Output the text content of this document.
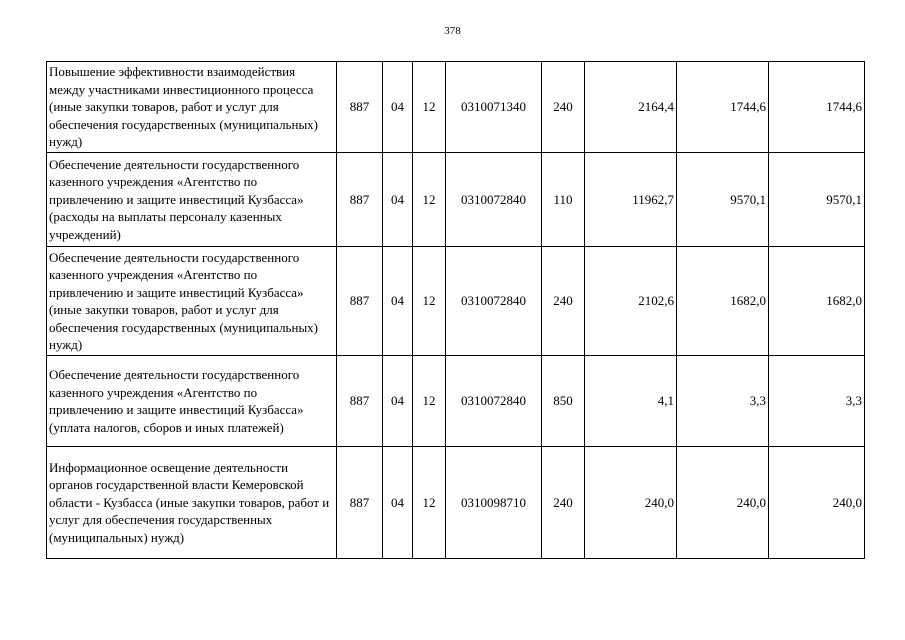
378
Повышение эффективности взаимодействия между участниками инвестиционного процесса (иные закупки товаров, работ и услуг для обеспечения государственных (муниципальных) нужд)	887	04	12	0310071340	240	2164,4	1744,6	1744,6
Обеспечение деятельности государственного казенного учреждения «Агентство по привлечению и защите инвестиций Кузбасса» (расходы на выплаты персоналу казенных учреждений)	887	04	12	0310072840	110	11962,7	9570,1	9570,1
Обеспечение деятельности государственного казенного учреждения «Агентство по привлечению и защите инвестиций Кузбасса» (иные закупки товаров, работ и услуг для обеспечения государственных (муниципальных) нужд)	887	04	12	0310072840	240	2102,6	1682,0	1682,0
Обеспечение деятельности государственного казенного учреждения «Агентство по привлечению и защите инвестиций Кузбасса» (уплата налогов, сборов и иных платежей)	887	04	12	0310072840	850	4,1	3,3	3,3
Информационное освещение деятельности органов государственной власти Кемеровской области - Кузбасса (иные закупки товаров, работ и услуг для обеспечения государственных (муниципальных) нужд)	887	04	12	0310098710	240	240,0	240,0	240,0
